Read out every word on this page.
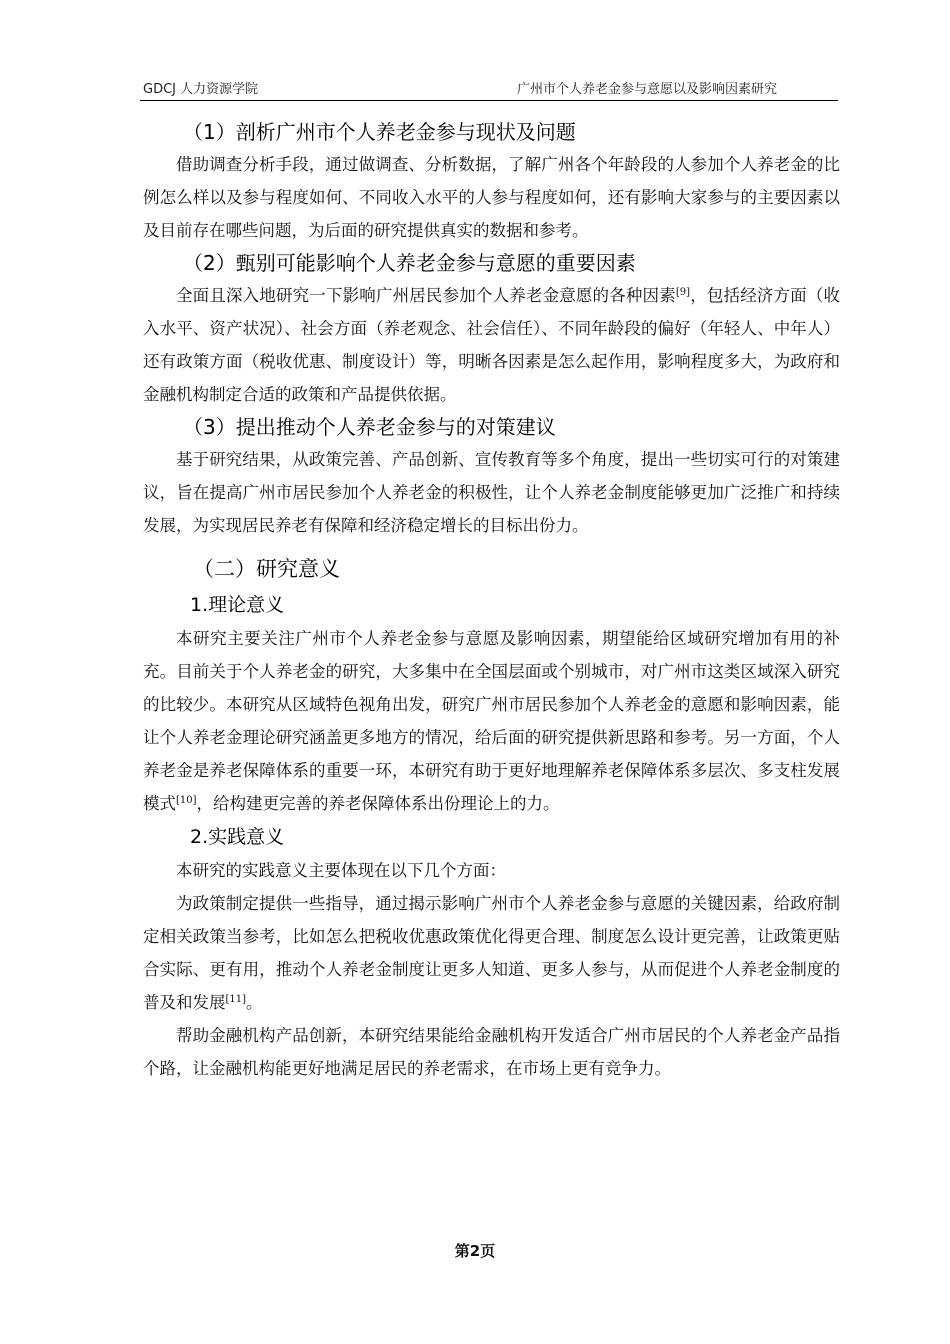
GDCJ 人力资源学院	广州市个人养老金参与意愿以及影响因素研究
（1）剖析广州市个人养老金参与现状及问题

借助调查分析手段，通过做调查、分析数据，了解广州各个年龄段的人参加个人养老金的比例怎么样以及参与程度如何、不同收入水平的人参与程度如何，还有影响大家参与的主要因素以及目前存在哪些问题，为后面的研究提供真实的数据和参考。

（2）甄别可能影响个人养老金参与意愿的重要因素

全面且深入地研究一下影响广州居民参加个人养老金意愿的各种因素[9]，包括经济方面（收入水平、资产状况）、社会方面（养老观念、社会信任）、不同年龄段的偏好（年轻人、中年人）还有政策方面（税收优惠、制度设计）等，明晰各因素是怎么起作用，影响程度多大，为政府和金融机构制定合适的政策和产品提供依据。

（3）提出推动个人养老金参与的对策建议

基于研究结果，从政策完善、产品创新、宣传教育等多个角度，提出一些切实可行的对策建议，旨在提高广州市居民参加个人养老金的积极性，让个人养老金制度能够更加广泛推广和持续发展，为实现居民养老有保障和经济稳定增长的目标出份力。

（二）研究意义
1.理论意义

本研究主要关注广州市个人养老金参与意愿及影响因素，期望能给区域研究增加有用的补充。目前关于个人养老金的研究，大多集中在全国层面或个别城市，对广州市这类区域深入研究的比较少。本研究从区域特色视角出发，研究广州市居民参加个人养老金的意愿和影响因素，能让个人养老金理论研究涵盖更多地方的情况，给后面的研究提供新思路和参考。另一方面，个人养老金是养老保障体系的重要一环，本研究有助于更好地理解养老保障体系多层次、多支柱发展模式[10]，给构建更完善的养老保障体系出份理论上的力。

2.实践意义

本研究的实践意义主要体现在以下几个方面：

为政策制定提供一些指导，通过揭示影响广州市个人养老金参与意愿的关键因素，给政府制定相关政策当参考，比如怎么把税收优惠政策优化得更合理、制度怎么设计更完善，让政策更贴合实际、更有用，推动个人养老金制度让更多人知道、更多人参与，从而促进个人养老金制度的普及和发展[11]。

帮助金融机构产品创新，本研究结果能给金融机构开发适合广州市居民的个人养老金产品指个路，让金融机构能更好地满足居民的养老需求，在市场上更有竞争力。

第2页
